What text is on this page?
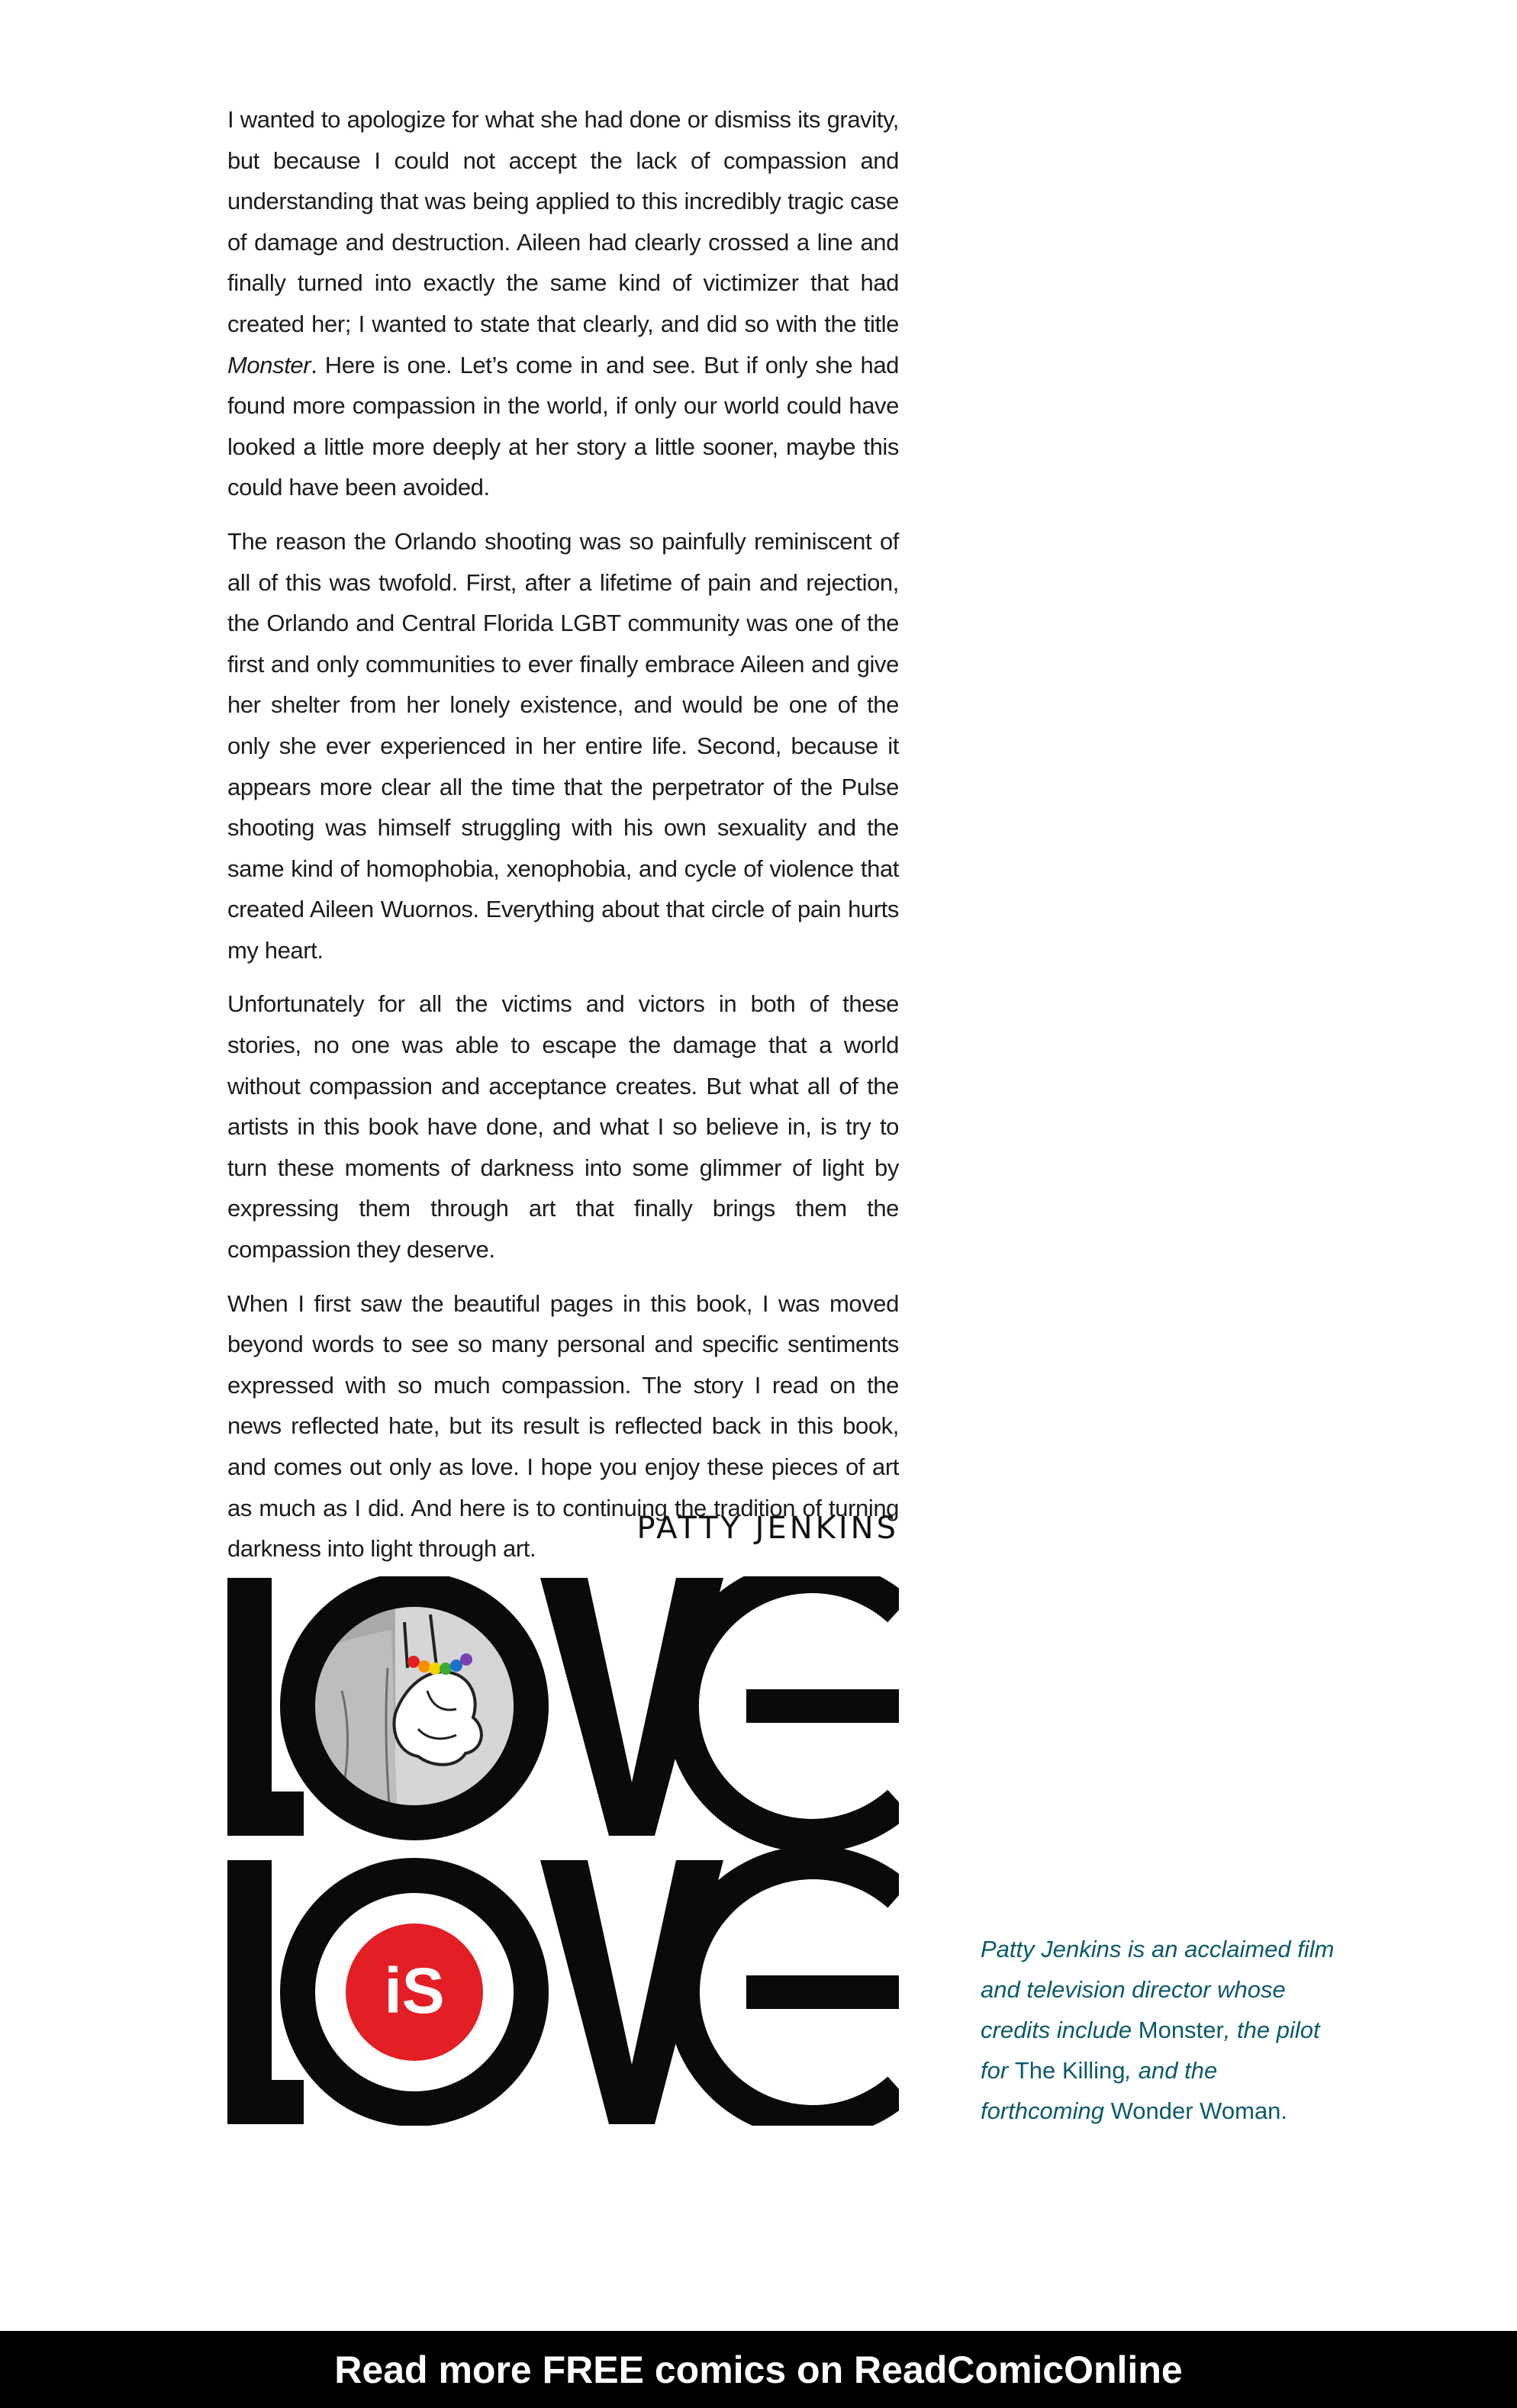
I wanted to apologize for what she had done or dismiss its gravity, but because I could not accept the lack of compassion and understanding that was being applied to this incredibly tragic case of damage and destruction. Aileen had clearly crossed a line and finally turned into exactly the same kind of victimizer that had created her; I wanted to state that clearly, and did so with the title Monster. Here is one. Let’s come in and see. But if only she had found more compassion in the world, if only our world could have looked a little more deeply at her story a little sooner, maybe this could have been avoided.

The reason the Orlando shooting was so painfully reminiscent of all of this was twofold. First, after a lifetime of pain and rejection, the Orlando and Central Florida LGBT community was one of the first and only communities to ever finally embrace Aileen and give her shelter from her lonely existence, and would be one of the only she ever experienced in her entire life. Second, because it appears more clear all the time that the perpetrator of the Pulse shooting was himself struggling with his own sexuality and the same kind of homophobia, xenophobia, and cycle of violence that created Aileen Wuornos. Everything about that circle of pain hurts my heart.

Unfortunately for all the victims and victors in both of these stories, no one was able to escape the damage that a world without compassion and acceptance creates. But what all of the artists in this book have done, and what I so believe in, is try to turn these moments of darkness into some glimmer of light by expressing them through art that finally brings them the compassion they deserve.

When I first saw the beautiful pages in this book, I was moved beyond words to see so many personal and specific sentiments expressed with so much compassion. The story I read on the news reflected hate, but its result is reflected back in this book, and comes out only as love. I hope you enjoy these pieces of art as much as I did. And here is to continuing the tradition of turning darkness into light through art.

PATTY JENKINS
iS
Patty Jenkins is an acclaimed film and television director whose credits include Monster, the pilot for The Killing, and the forthcoming Wonder Woman.
Read more FREE comics on ReadComicOnline
